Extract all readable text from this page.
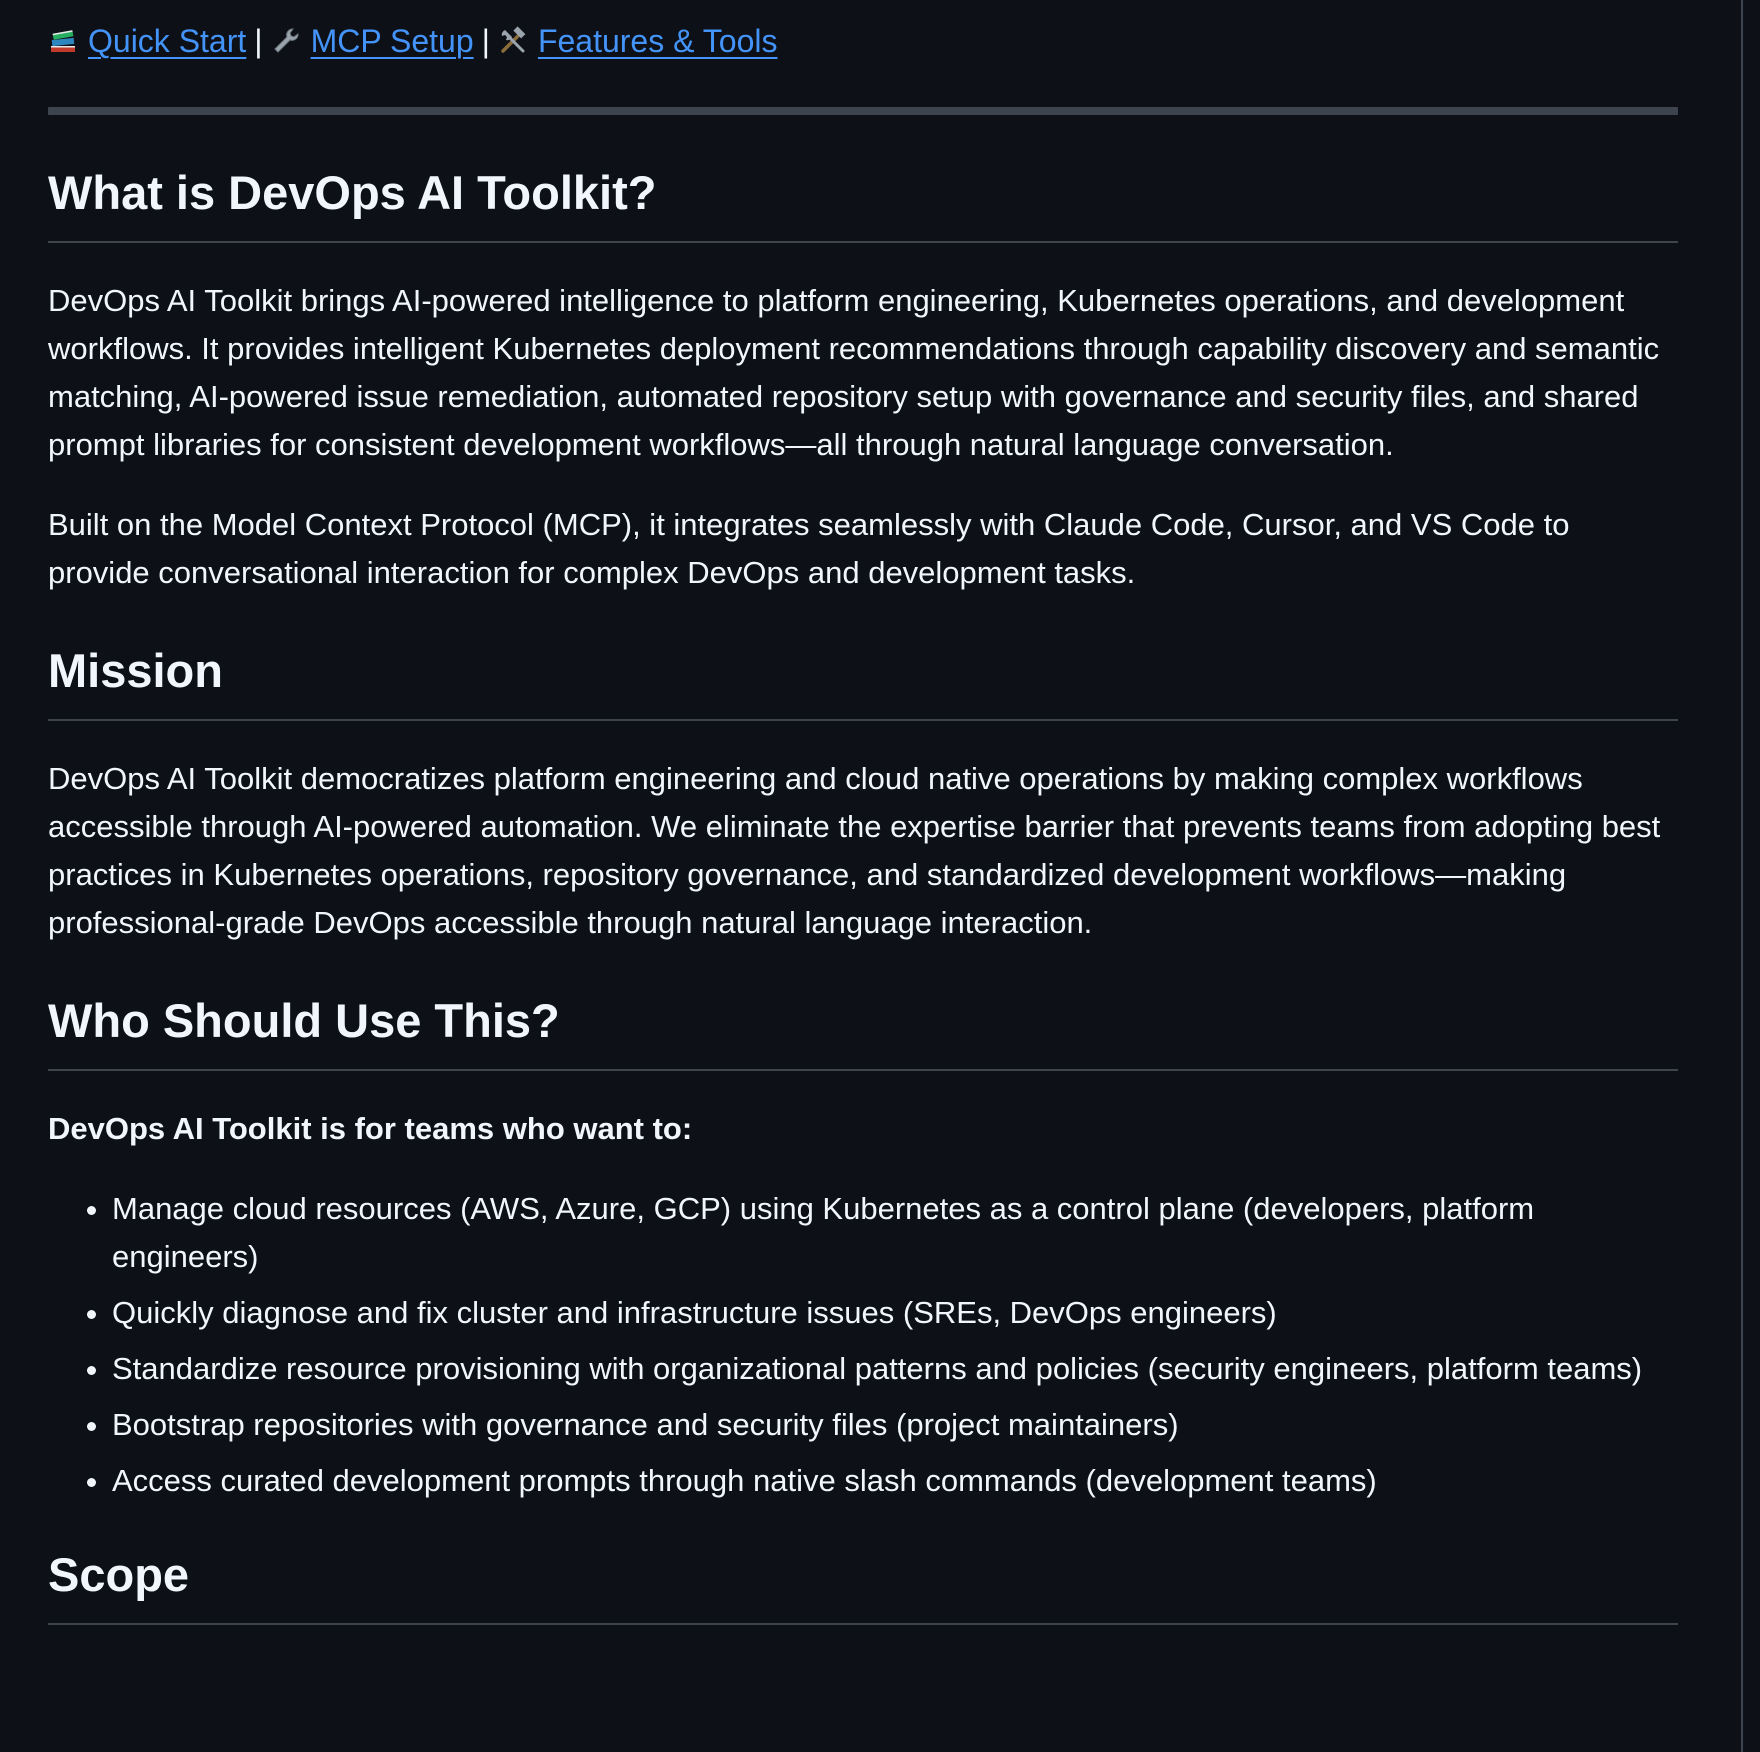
Quick Start | MCP Setup | Features & Tools
What is DevOps AI Toolkit?

DevOps AI Toolkit brings AI-powered intelligence to platform engineering, Kubernetes operations, and development workflows. It provides intelligent Kubernetes deployment recommendations through capability discovery and semantic matching, AI-powered issue remediation, automated repository setup with governance and security files, and shared prompt libraries for consistent development workflows—all through natural language conversation.

Built on the Model Context Protocol (MCP), it integrates seamlessly with Claude Code, Cursor, and VS Code to provide conversational interaction for complex DevOps and development tasks.

Mission

DevOps AI Toolkit democratizes platform engineering and cloud native operations by making complex workflows accessible through AI-powered automation. We eliminate the expertise barrier that prevents teams from adopting best practices in Kubernetes operations, repository governance, and standardized development workflows—making professional-grade DevOps accessible through natural language interaction.

Who Should Use This?

DevOps AI Toolkit is for teams who want to:

• Manage cloud resources (AWS, Azure, GCP) using Kubernetes as a control plane (developers, platform engineers)
• Quickly diagnose and fix cluster and infrastructure issues (SREs, DevOps engineers)
• Standardize resource provisioning with organizational patterns and policies (security engineers, platform teams)
• Bootstrap repositories with governance and security files (project maintainers)
• Access curated development prompts through native slash commands (development teams)
Scope
